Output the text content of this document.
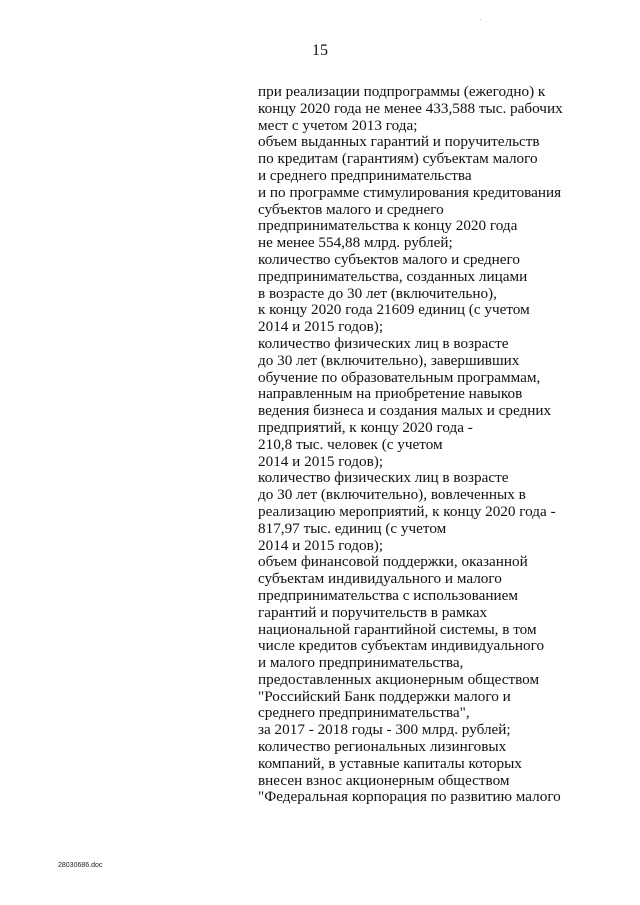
.
15
при реализации подпрограммы (ежегодно) к
концу 2020 года не менее 433,588 тыс. рабочих
мест с учетом 2013 года;
объем выданных гарантий и поручительств
по кредитам (гарантиям) субъектам малого
и среднего предпринимательства
и по программе стимулирования кредитования
субъектов малого и среднего
предпринимательства к концу 2020 года
не менее 554,88 млрд. рублей;
количество субъектов малого и среднего
предпринимательства, созданных лицами
в возрасте до 30 лет (включительно),
к концу 2020 года 21609 единиц (с учетом
2014 и 2015 годов);
количество физических лиц в возрасте
до 30 лет (включительно), завершивших
обучение по образовательным программам,
направленным на приобретение навыков
ведения бизнеса и создания малых и средних
предприятий, к концу 2020 года -
210,8 тыс. человек (с учетом
2014 и 2015 годов);
количество физических лиц в возрасте
до 30 лет (включительно), вовлеченных в
реализацию мероприятий, к концу 2020 года -
817,97 тыс. единиц (с учетом
2014 и 2015 годов);
объем финансовой поддержки, оказанной
субъектам индивидуального и малого
предпринимательства с использованием
гарантий и поручительств в рамках
национальной гарантийной системы, в том
числе кредитов субъектам индивидуального
и малого предпринимательства,
предоставленных акционерным обществом
"Российский Банк поддержки малого и
среднего предпринимательства",
за 2017 - 2018 годы - 300 млрд. рублей;
количество региональных лизинговых
компаний, в уставные капиталы которых
внесен взнос акционерным обществом
"Федеральная корпорация по развитию малого
28030686.doc
